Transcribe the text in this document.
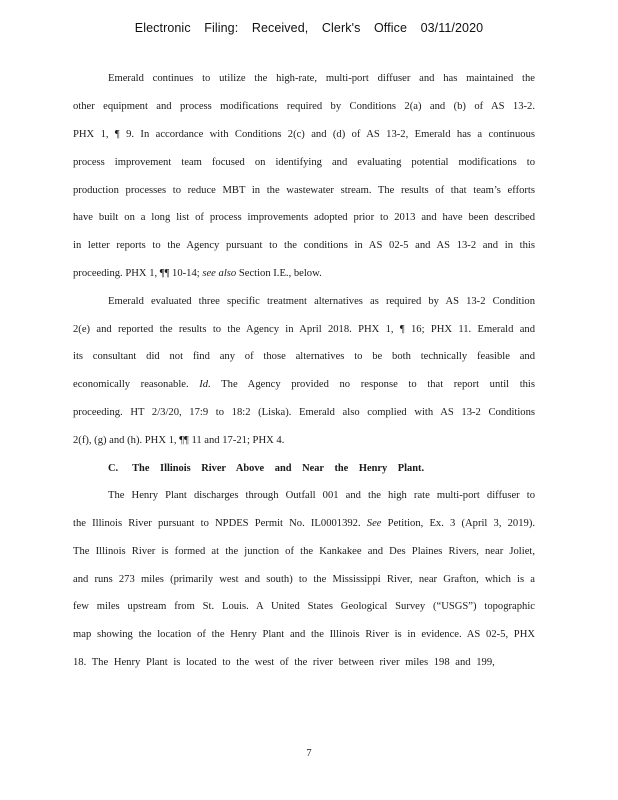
Electronic Filing: Received, Clerk's Office 03/11/2020
Emerald continues to utilize the high-rate, multi-port diffuser and has maintained the
other equipment and process modifications required by Conditions 2(a) and (b) of AS 13-2.
PHX 1, ¶ 9. In accordance with Conditions 2(c) and (d) of AS 13-2, Emerald has a continuous
process improvement team focused on identifying and evaluating potential modifications to
production processes to reduce MBT in the wastewater stream. The results of that team’s efforts
have built on a long list of process improvements adopted prior to 2013 and have been described
in letter reports to the Agency pursuant to the conditions in AS 02-5 and AS 13-2 and in this
proceeding. PHX 1, ¶¶ 10-14; see also Section I.E., below.
Emerald evaluated three specific treatment alternatives as required by AS 13-2 Condition
2(e) and reported the results to the Agency in April 2018. PHX 1, ¶ 16; PHX 11. Emerald and
its consultant did not find any of those alternatives to be both technically feasible and
economically reasonable. Id. The Agency provided no response to that report until this
proceeding. HT 2/3/20, 17:9 to 18:2 (Liska). Emerald also complied with AS 13-2 Conditions
2(f), (g) and (h). PHX 1, ¶¶ 11 and 17-21; PHX 4.
C. The Illinois River Above and Near the Henry Plant.
The Henry Plant discharges through Outfall 001 and the high rate multi-port diffuser to
the Illinois River pursuant to NPDES Permit No. IL0001392. See Petition, Ex. 3 (April 3, 2019).
The Illinois River is formed at the junction of the Kankakee and Des Plaines Rivers, near Joliet,
and runs 273 miles (primarily west and south) to the Mississippi River, near Grafton, which is a
few miles upstream from St. Louis. A United States Geological Survey (“USGS”) topographic
map showing the location of the Henry Plant and the Illinois River is in evidence. AS 02-5, PHX
18. The Henry Plant is located to the west of the river between river miles 198 and 199,
7
